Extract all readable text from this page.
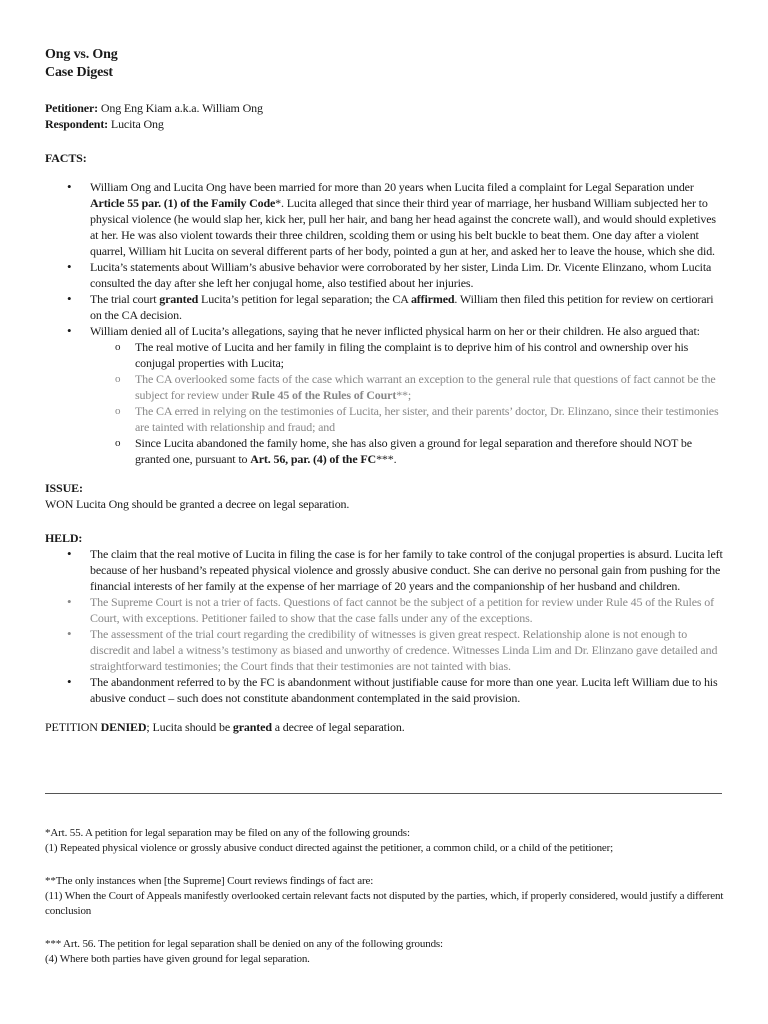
Ong vs. Ong
Case Digest

Petitioner: Ong Eng Kiam a.k.a. William Ong

Respondent: Lucita Ong

FACTS:

• William Ong and Lucita Ong have been married for more than 20 years when Lucita filed a complaint for Legal Separation under Article 55 par. (1) of the Family Code*. Lucita alleged that since their third year of marriage, her husband William subjected her to physical violence (he would slap her, kick her, pull her hair, and bang her head against the concrete wall), and would should expletives at her. He was also violent towards their three children, scolding them or using his belt buckle to beat them. One day after a violent quarrel, William hit Lucita on several different parts of her body, pointed a gun at her, and asked her to leave the house, which she did.
• Lucita’s statements about William’s abusive behavior were corroborated by her sister, Linda Lim. Dr. Vicente Elinzano, whom Lucita consulted the day after she left her conjugal home, also testified about her injuries.
• The trial court granted Lucita’s petition for legal separation; the CA affirmed. William then filed this petition for review on certiorari on the CA decision.
• William denied all of Lucita’s allegations, saying that he never inflicted physical harm on her or their children. He also argued that:
o The real motive of Lucita and her family in filing the complaint is to deprive him of his control and ownership over his conjugal properties with Lucita;
o The CA overlooked some facts of the case which warrant an exception to the general rule that questions of fact cannot be the subject for review under Rule 45 of the Rules of Court**;
o The CA erred in relying on the testimonies of Lucita, her sister, and their parents’ doctor, Dr. Elinzano, since their testimonies are tainted with relationship and fraud; and
o Since Lucita abandoned the family home, she has also given a ground for legal separation and therefore should NOT be granted one, pursuant to Art. 56, par. (4) of the FC***.

ISSUE:

WON Lucita Ong should be granted a decree on legal separation.

HELD:

• The claim that the real motive of Lucita in filing the case is for her family to take control of the conjugal properties is absurd. Lucita left because of her husband’s repeated physical violence and grossly abusive conduct. She can derive no personal gain from pushing for the financial interests of her family at the expense of her marriage of 20 years and the companionship of her husband and children.
• The Supreme Court is not a trier of facts. Questions of fact cannot be the subject of a petition for review under Rule 45 of the Rules of Court, with exceptions. Petitioner failed to show that the case falls under any of the exceptions.
• The assessment of the trial court regarding the credibility of witnesses is given great respect. Relationship alone is not enough to discredit and label a witness’s testimony as biased and unworthy of credence. Witnesses Linda Lim and Dr. Elinzano gave detailed and straightforward testimonies; the Court finds that their testimonies are not tainted with bias.
• The abandonment referred to by the FC is abandonment without justifiable cause for more than one year. Lucita left William due to his abusive conduct – such does not constitute abandonment contemplated in the said provision.

PETITION DENIED; Lucita should be granted a decree of legal separation.

*Art. 55. A petition for legal separation may be filed on any of the following grounds:

(1) Repeated physical violence or grossly abusive conduct directed against the petitioner, a common child, or a child of the petitioner;

**The only instances when [the Supreme] Court reviews findings of fact are:

(11) When the Court of Appeals manifestly overlooked certain relevant facts not disputed by the parties, which, if properly considered, would justify a different conclusion

*** Art. 56. The petition for legal separation shall be denied on any of the following grounds:

(4) Where both parties have given ground for legal separation.
